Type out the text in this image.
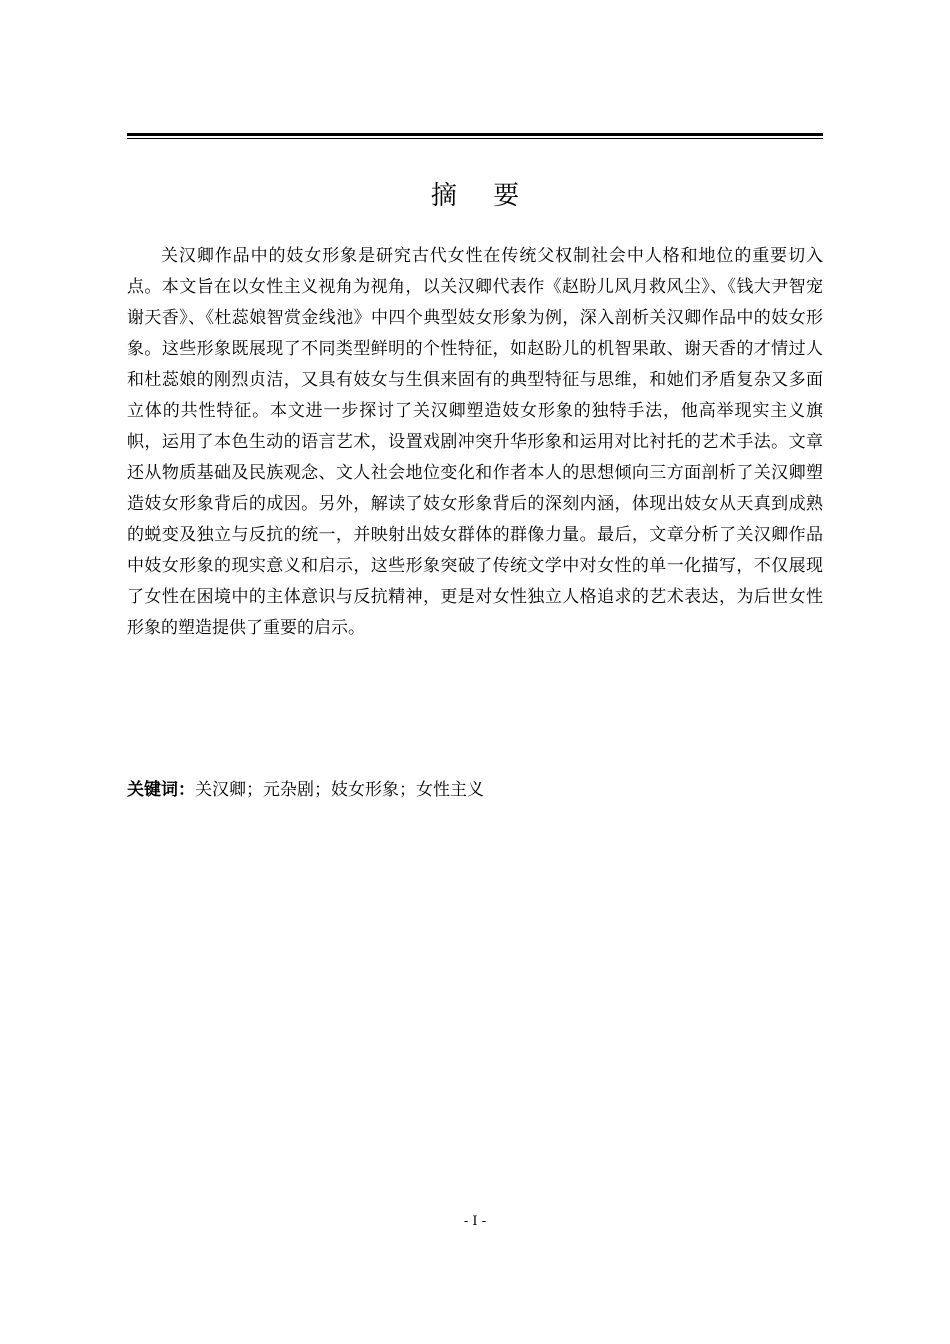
摘 要

关汉卿作品中的妓女形象是研究古代女性在传统父权制社会中人格和地位的重要切入点。本文旨在以女性主义视角为视角，以关汉卿代表作《赵盼儿风月救风尘》、《钱大尹智宠谢天香》、《杜蕊娘智赏金线池》中四个典型妓女形象为例，深入剖析关汉卿作品中的妓女形象。这些形象既展现了不同类型鲜明的个性特征，如赵盼儿的机智果敢、谢天香的才情过人和杜蕊娘的刚烈贞洁，又具有妓女与生俱来固有的典型特征与思维，和她们矛盾复杂又多面立体的共性特征。本文进一步探讨了关汉卿塑造妓女形象的独特手法，他高举现实主义旗帜，运用了本色生动的语言艺术，设置戏剧冲突升华形象和运用对比衬托的艺术手法。文章还从物质基础及民族观念、文人社会地位变化和作者本人的思想倾向三方面剖析了关汉卿塑造妓女形象背后的成因。另外，解读了妓女形象背后的深刻内涵，体现出妓女从天真到成熟的蜕变及独立与反抗的统一，并映射出妓女群体的群像力量。最后，文章分析了关汉卿作品中妓女形象的现实意义和启示，这些形象突破了传统文学中对女性的单一化描写，不仅展现了女性在困境中的主体意识与反抗精神，更是对女性独立人格追求的艺术表达，为后世女性形象的塑造提供了重要的启示。

关键词：关汉卿；元杂剧；妓女形象；女性主义
- I -
